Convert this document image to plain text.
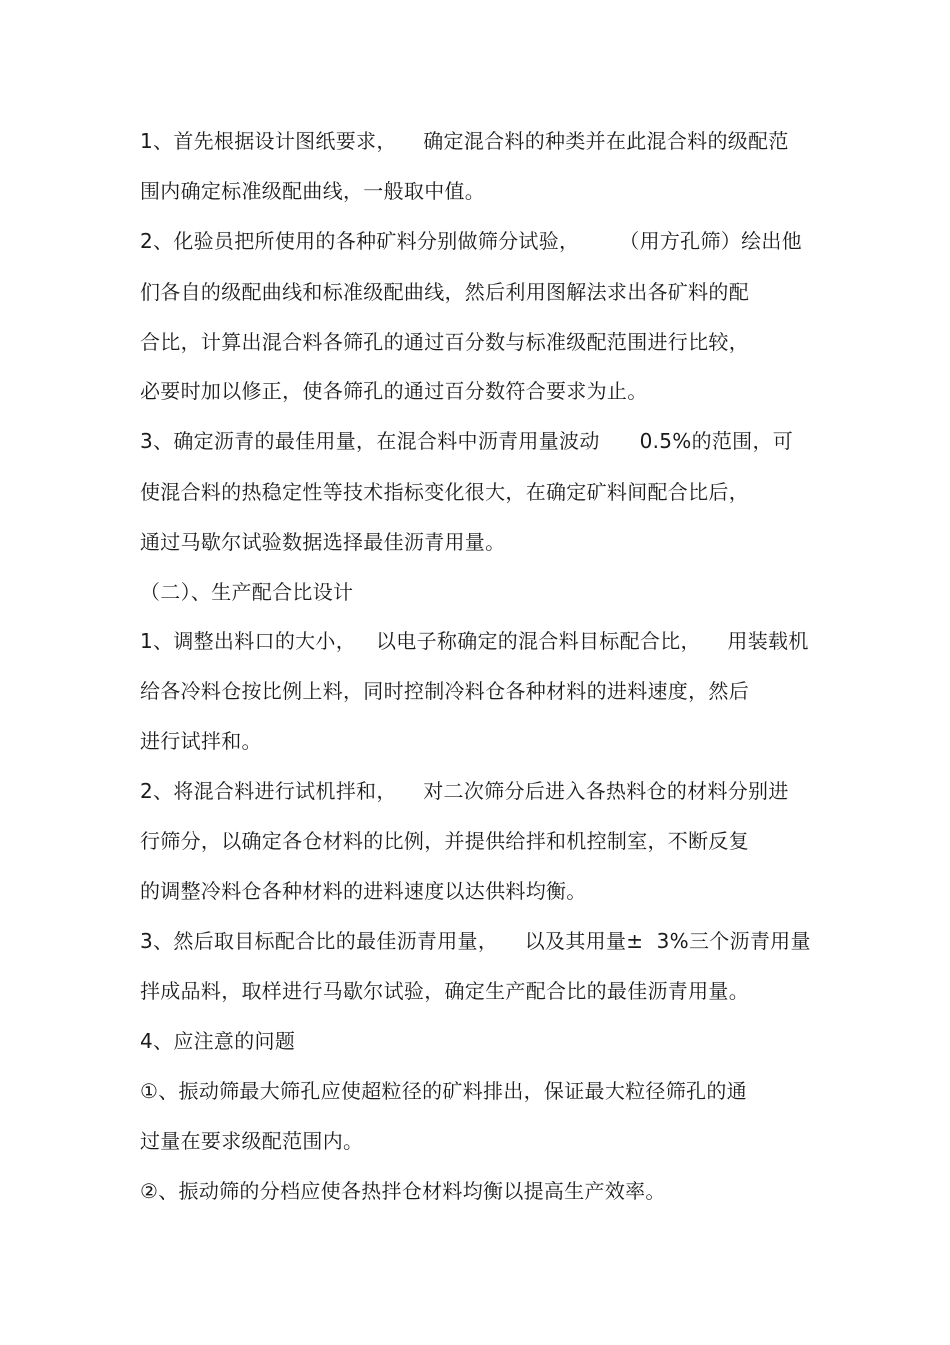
1、首先根据设计图纸要求，    确定混合料的种类并在此混合料的级配范
围内确定标准级配曲线，一般取中值。
2、化验员把所使用的各种矿料分别做筛分试验，      （用方孔筛）绘出他
们各自的级配曲线和标准级配曲线，然后利用图解法求出各矿料的配
合比，计算出混合料各筛孔的通过百分数与标准级配范围进行比较，
必要时加以修正，使各筛孔的通过百分数符合要求为止。
3、确定沥青的最佳用量，在混合料中沥青用量波动      0.5%的范围，可
使混合料的热稳定性等技术指标变化很大，在确定矿料间配合比后，
通过马歇尔试验数据选择最佳沥青用量。
（二）、生产配合比设计
1、调整出料口的大小，   以电子称确定的混合料目标配合比，    用装载机
给各冷料仓按比例上料，同时控制冷料仓各种材料的进料速度，然后
进行试拌和。
2、将混合料进行试机拌和，    对二次筛分后进入各热料仓的材料分别进
行筛分，以确定各仓材料的比例，并提供给拌和机控制室，不断反复
的调整冷料仓各种材料的进料速度以达供料均衡。
3、然后取目标配合比的最佳沥青用量，    以及其用量±  3%三个沥青用量
拌成品料，取样进行马歇尔试验，确定生产配合比的最佳沥青用量。
4、应注意的问题
①、振动筛最大筛孔应使超粒径的矿料排出，保证最大粒径筛孔的通
过量在要求级配范围内。
②、振动筛的分档应使各热拌仓材料均衡以提高生产效率。
